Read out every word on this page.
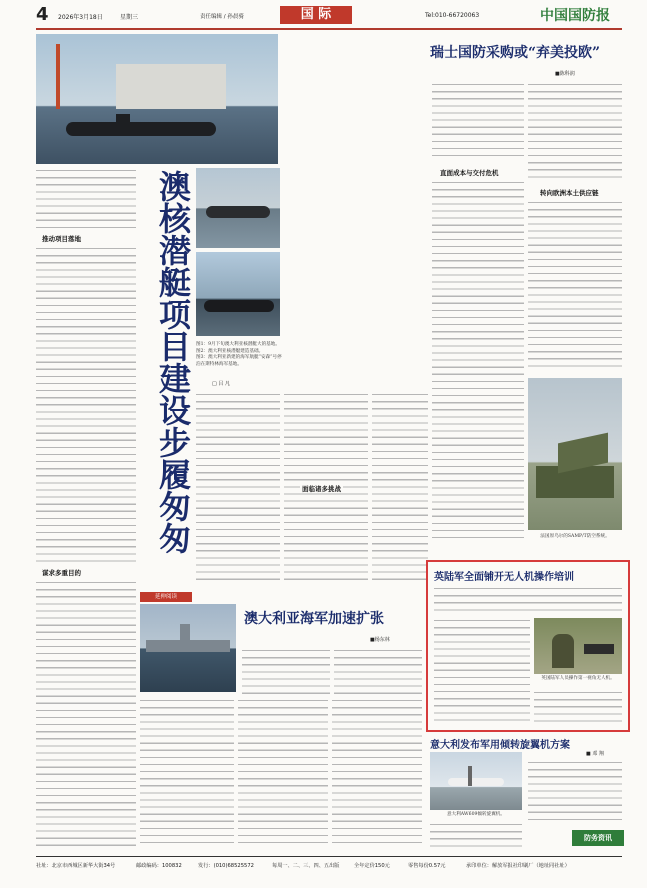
4 2026年3月18日	星期三	责任编辑 / 孙晨骑	国 际	Tel:010-66720063	中国国防报
推动项目落地
谋求多重目的
澳核潜艇项目建设步履匆匆 图1：9月下旬澳大利亚核潜艇大的基地。
图2：澳大利亚核潜艇建造基础。
图3：澳大利亚新建的海军航艇“安森”号停泊在斯特林海军基地。
□ 吕 凡
面临诸多挑战
瑞士国防采购或“弃美投欧”
■陈科润
直面成本与交付危机
转向欧洲本土供应链
法国原乌尔的SAMP/T防空系统。
英陆军全面铺开无人机操作培训
英国陆军人员操作第一视角无人机。
延伸阅读
澳大利亚海军加速扩张
■杨东林
意大利发布军用倾转旋翼机方案
意大利AW609倾转旋翼机。
■ 邓 翔
防务资讯
社址：北京市西城区新华大街34号	邮政编码：100832	发行：(010)68525572	每周一、二、三、四、五出版	全年定价150元	零售每份0.57元	承印单位：解放军报社印刷厂（地址同社址）
